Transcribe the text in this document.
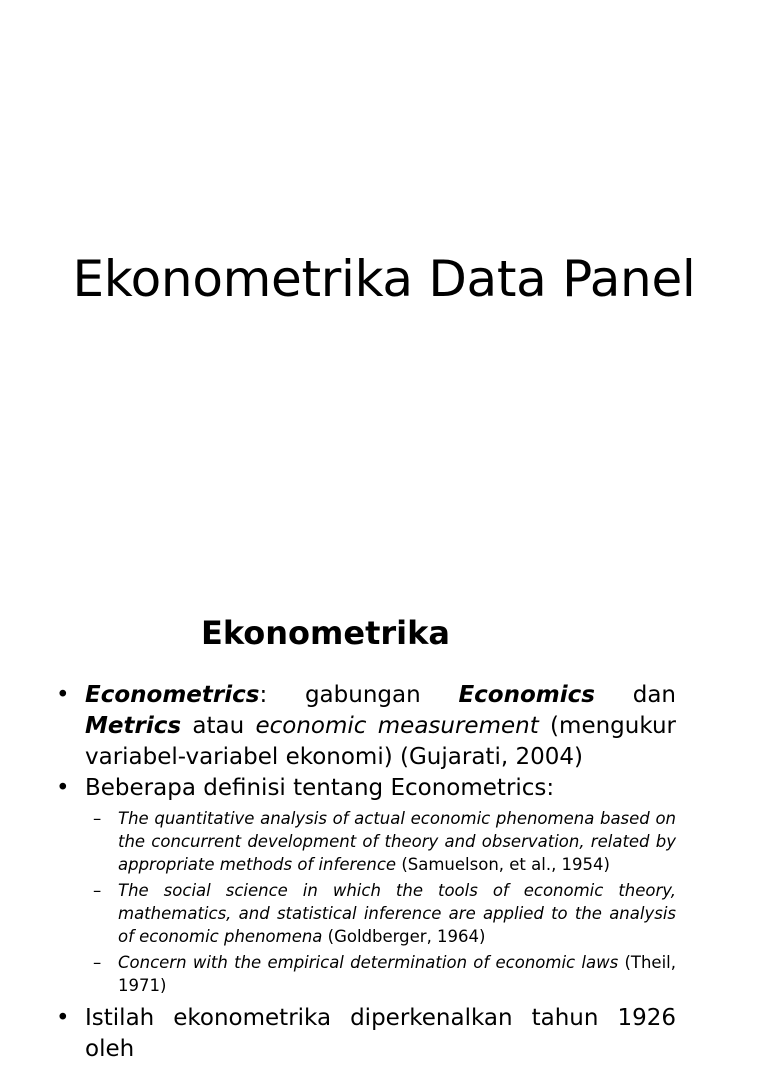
Ekonometrika Data Panel
Ekonometrika
• Econometrics: gabungan Economics dan Metrics atau economic measurement (mengukur variabel-variabel ekonomi) (Gujarati, 2004)
• Beberapa definisi tentang Econometrics:
– The quantitative analysis of actual economic phenomena based on the concurrent development of theory and observation, related by appropriate methods of inference (Samuelson, et al., 1954)
– The social science in which the tools of economic theory, mathematics, and statistical inference are applied to the analysis of economic phenomena (Goldberger, 1964)
– Concern with the empirical determination of economic laws (Theil, 1971)
• Istilah ekonometrika diperkenalkan tahun 1926 oleh
